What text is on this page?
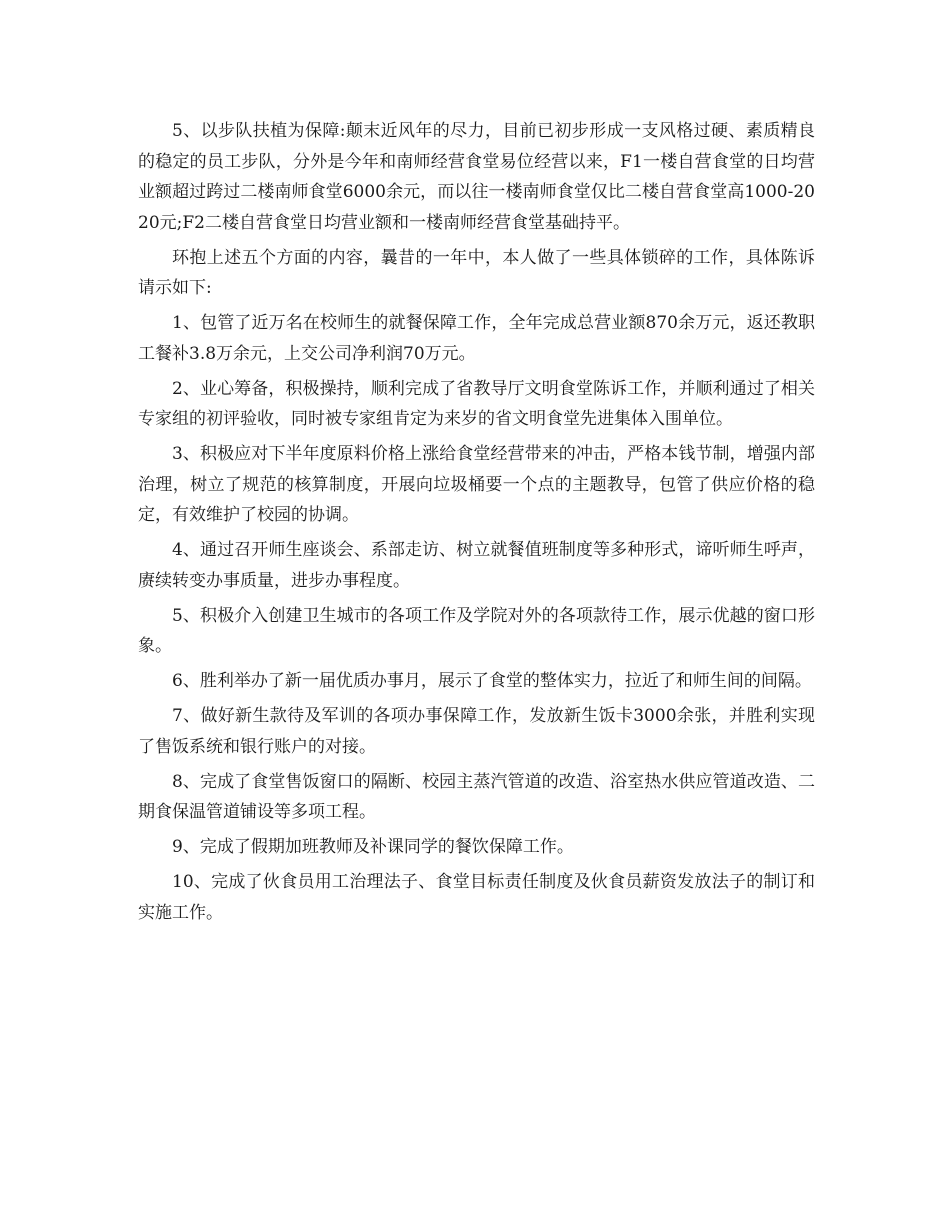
5、以步队扶植为保障:颠末近风年的尽力，目前已初步形成一支风格过硬、素质精良的稳定的员工步队，分外是今年和南师经营食堂易位经营以来，F1一楼自营食堂的日均营业额超过跨过二楼南师食堂6000余元，而以往一楼南师食堂仅比二楼自营食堂高1000-2020元;F2二楼自营食堂日均营业额和一楼南师经营食堂基础持平。

环抱上述五个方面的内容，曩昔的一年中，本人做了一些具体锁碎的工作，具体陈诉请示如下:

1、包管了近万名在校师生的就餐保障工作，全年完成总营业额870余万元，返还教职工餐补3.8万余元，上交公司净利润70万元。

2、业心筹备，积极操持，顺利完成了省教导厅文明食堂陈诉工作，并顺利通过了相关专家组的初评验收，同时被专家组肯定为来岁的省文明食堂先进集体入围单位。

3、积极应对下半年度原料价格上涨给食堂经营带来的冲击，严格本钱节制，增强内部治理，树立了规范的核算制度，开展向垃圾桶要一个点的主题教导，包管了供应价格的稳定，有效维护了校园的协调。

4、通过召开师生座谈会、系部走访、树立就餐值班制度等多种形式，谛听师生呼声，赓续转变办事质量，进步办事程度。

5、积极介入创建卫生城市的各项工作及学院对外的各项款待工作，展示优越的窗口形象。

6、胜利举办了新一届优质办事月，展示了食堂的整体实力，拉近了和师生间的间隔。

7、做好新生款待及军训的各项办事保障工作，发放新生饭卡3000余张，并胜利实现了售饭系统和银行账户的对接。

8、完成了食堂售饭窗口的隔断、校园主蒸汽管道的改造、浴室热水供应管道改造、二期食保温管道铺设等多项工程。

9、完成了假期加班教师及补课同学的餐饮保障工作。

10、完成了伙食员用工治理法子、食堂目标责任制度及伙食员薪资发放法子的制订和实施工作。
